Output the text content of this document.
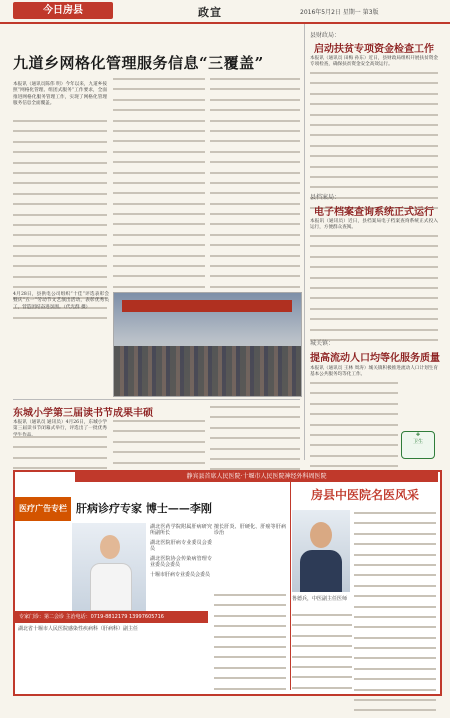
今日房县	政宣	2016年5月2日 星期一 第3版
九道乡网格化管理服务信息“三覆盖”
本报讯（通讯员陈伟 明）今年以来，九道乡按照“网格化管理、组团式服务”工作要求，全面推进网格化服务管理工作，实现了网格化管理服务信息全面覆盖。
4月28日，县供电公司组织“十佳”评选表彰会暨庆“五一”劳动节文艺演出活动，表彰优秀员工，营造团结奋进氛围。（代光群 摄）
东城小学第三届读书节成果丰硕
本报讯（通讯员 通讯员）4月26日，东城小学第三届读书节闭幕式举行，评选出了一批优秀学生作品。
县财政局：
启动扶贫专项资金检查工作
本报讯（通讯员 田梅 孙东）近日，县财政局组织开展扶贫资金专项检查，确保扶贫资金安全高效运行。
县档案局：
电子档案查询系统正式运行
本报讯（通讯员）近日，县档案局电子档案查询系统正式投入运行，方便群众查阅。
城关镇：
提高流动人口均等化服务质量
本报讯（通讯员 王林 周涛）城关镇积极推进流动人口计划生育基本公共服务均等化工作。
✚
卫生
静宾县首席人民医院·十堰市人民医院神经外科周医院
医疗广告专栏 肝病诊疗专家 博士——李刚
专家门诊：第二会诊 主治电话：0719-8812179 13997605716
湖北医药学院附属肝病研究所副所长
湖北医院肝病专业委员会委员
湖北医院协会传染病管理专业委员会委员
十堰市肝病专业委员会委员
擅长肝炎、肝硬化、肝癌等肝病诊治
湖北省十堰市人民医院感染性疾病科（肝病科）副主任
房县中医院名医风采
鲁德兵，中医副主任医师
